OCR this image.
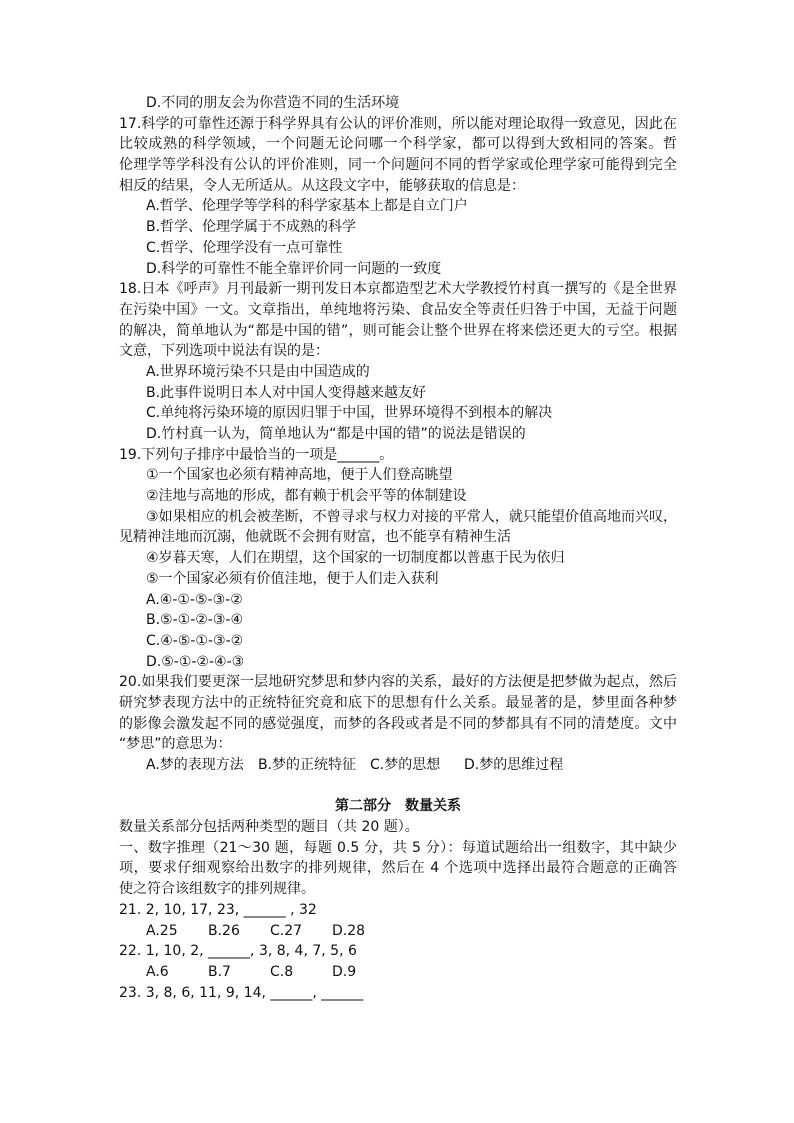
D.不同的朋友会为你营造不同的生活环境
17.科学的可靠性还源于科学界具有公认的评价准则，所以能对理论取得一致意见，因此在
比较成熟的科学领域，一个问题无论问哪一个科学家，都可以得到大致相同的答案。哲
伦理学等学科没有公认的评价准则，同一个问题问不同的哲学家或伦理学家可能得到完全
相反的结果，令人无所适从。从这段文字中，能够获取的信息是：
A.哲学、伦理学等学科的科学家基本上都是自立门户
B.哲学、伦理学属于不成熟的科学
C.哲学、伦理学没有一点可靠性
D.科学的可靠性不能全靠评价同一问题的一致度
18.日本《呼声》月刊最新一期刊发日本京都造型艺术大学教授竹村真一撰写的《是全世界
在污染中国》一文。文章指出，单纯地将污染、食品安全等责任归咎于中国，无益于问题
的解决，简单地认为“都是中国的错”，则可能会让整个世界在将来偿还更大的亏空。根据
文意，下列选项中说法有误的是：
A.世界环境污染不只是由中国造成的
B.此事件说明日本人对中国人变得越来越友好
C.单纯将污染环境的原因归罪于中国，世界环境得不到根本的解决
D.竹村真一认为，简单地认为“都是中国的错”的说法是错误的
19.下列句子排序中最恰当的一项是______。
①一个国家也必须有精神高地，便于人们登高眺望
②洼地与高地的形成，都有赖于机会平等的体制建设
③如果相应的机会被垄断，不曾寻求与权力对接的平常人，就只能望价值高地而兴叹，
见精神洼地而沉溺，他就既不会拥有财富，也不能享有精神生活
④岁暮天寒，人们在期望，这个国家的一切制度都以普惠于民为依归
⑤一个国家必须有价值洼地，便于人们走入获利
A.④-①-⑤-③-②
B.⑤-①-②-③-④
C.④-⑤-①-③-②
D.⑤-①-②-④-③
20.如果我们要更深一层地研究梦思和梦内容的关系，最好的方法便是把梦做为起点，然后
研究梦表现方法中的正统特征究竟和底下的思想有什么关系。最显著的是，梦里面各种梦
的影像会激发起不同的感觉强度，而梦的各段或者是不同的梦都具有不同的清楚度。文中
“梦思”的意思为：
A.梦的表现方法	B.梦的正统特征 C.梦的思想	D.梦的思维过程
第二部分　数量关系
数量关系部分包括两种类型的题目（共 20 题）。
一、数字推理（21～30 题，每题 0.5 分，共 5 分）：每道试题给出一组数字，其中缺少
项，要求仔细观察给出数字的排列规律，然后在 4 个选项中选择出最符合题意的正确答
使之符合该组数字的排列规律。
21. 2, 10, 17, 23, ______ , 32
A.25	B.26	C.27	D.28
22. 1, 10, 2, ______, 3, 8, 4, 7, 5, 6
A.6	B.7	C.8	D.9
23. 3, 8, 6, 11, 9, 14, ______, ______
